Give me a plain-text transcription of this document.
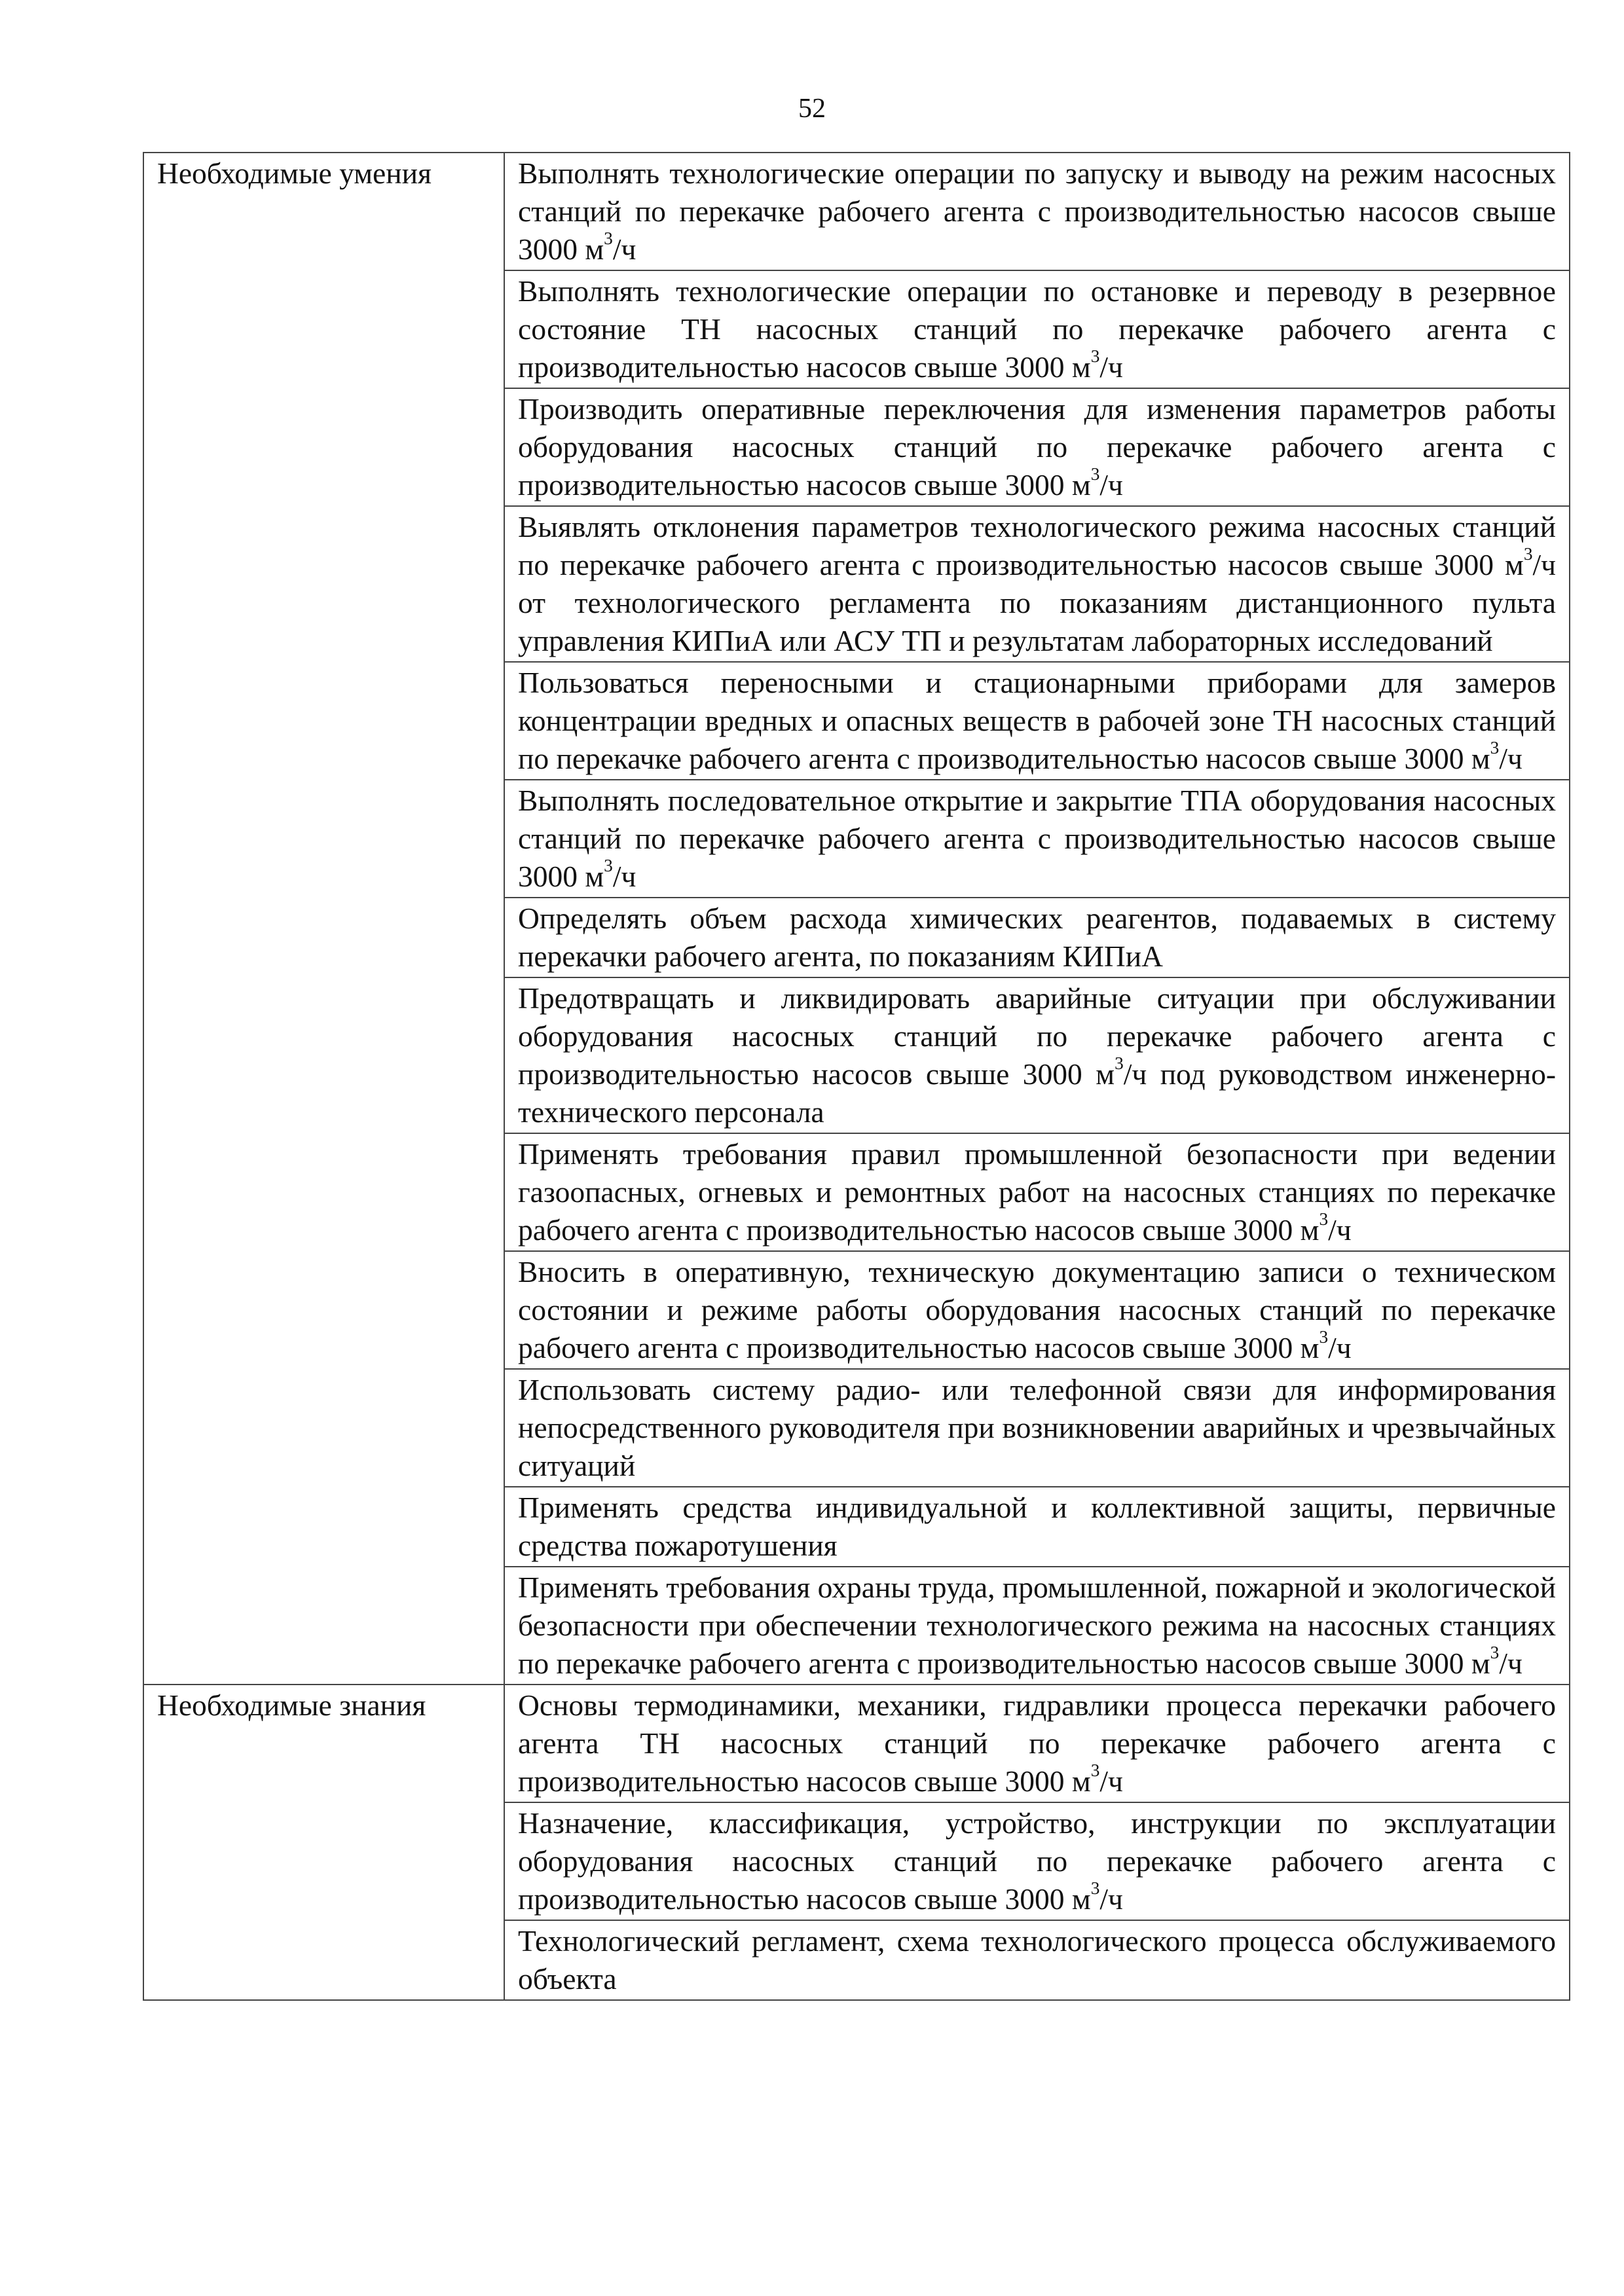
52
Необходимые умения	Выполнять технологические операции по запуску и выводу на режим насосных станций по перекачке рабочего агента с производительностью насосов свыше 3000 $м^3/ч$
	Выполнять технологические операции по остановке и переводу в резервное состояние ТН насосных станций по перекачке рабочего агента с производительностью насосов свыше 3000 $м^3/ч$
	Производить оперативные переключения для изменения параметров работы оборудования насосных станций по перекачке рабочего агента с производительностью насосов свыше 3000 $м^3/ч$
	Выявлять отклонения параметров технологического режима насосных станций по перекачке рабочего агента с производительностью насосов свыше 3000 $м^3/ч$ от технологического регламента по показаниям дистанционного пульта управления КИПиА или АСУ ТП и результатам лабораторных исследований
	Пользоваться переносными и стационарными приборами для замеров концентрации вредных и опасных веществ в рабочей зоне ТН насосных станций по перекачке рабочего агента с производительностью насосов свыше 3000 $м^3/ч$
	Выполнять последовательное открытие и закрытие ТПА оборудования насосных станций по перекачке рабочего агента с производительностью насосов свыше 3000 $м^3/ч$
	Определять объем расхода химических реагентов, подаваемых в систему перекачки рабочего агента, по показаниям КИПиА
	Предотвращать и ликвидировать аварийные ситуации при обслуживании оборудования насосных станций по перекачке рабочего агента с производительностью насосов свыше 3000 $м^3/ч$ под руководством инженерно-технического персонала
	Применять требования правил промышленной безопасности при ведении газоопасных, огневых и ремонтных работ на насосных станциях по перекачке рабочего агента с производительностью насосов свыше 3000 $м^3/ч$
	Вносить в оперативную, техническую документацию записи о техническом состоянии и режиме работы оборудования насосных станций по перекачке рабочего агента с производительностью насосов свыше 3000 $м^3/ч$
	Использовать систему радио- или телефонной связи для информирования непосредственного руководителя при возникновении аварийных и чрезвычайных ситуаций
	Применять средства индивидуальной и коллективной защиты, первичные средства пожаротушения
	Применять требования охраны труда, промышленной, пожарной и экологической безопасности при обеспечении технологического режима на насосных станциях по перекачке рабочего агента с производительностью насосов свыше 3000 $м^3/ч$
Необходимые знания	Основы термодинамики, механики, гидравлики процесса перекачки рабочего агента ТН насосных станций по перекачке рабочего агента с производительностью насосов свыше 3000 $м^3/ч$
	Назначение, классификация, устройство, инструкции по эксплуатации оборудования насосных станций по перекачке рабочего агента с производительностью насосов свыше 3000 $м^3/ч$
	Технологический регламент, схема технологического процесса обслуживаемого объекта
